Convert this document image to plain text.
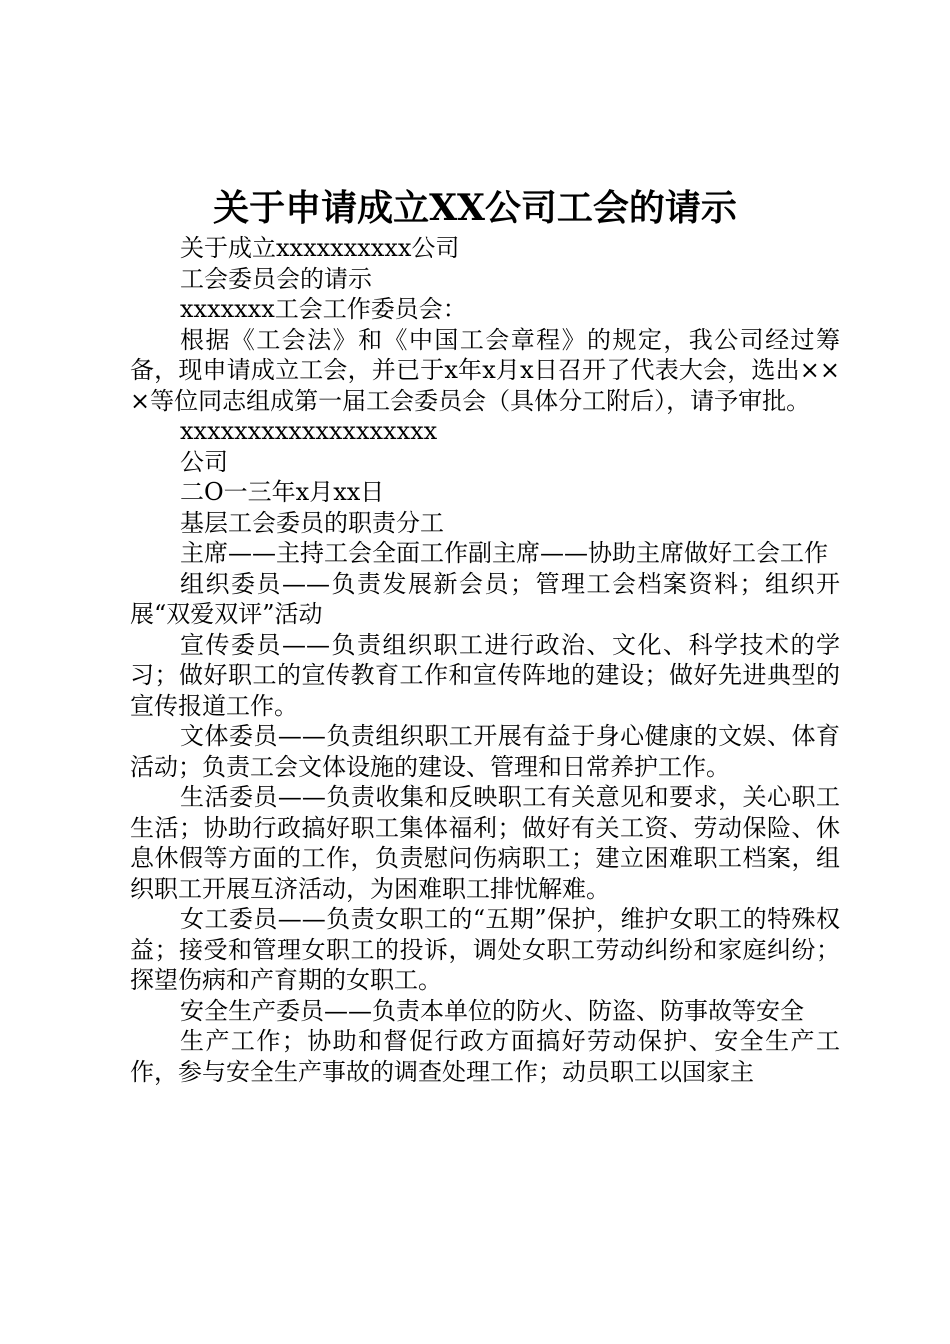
关于申请成立XX公司工会的请示

关于成立xxxxxxxxxx公司

工会委员会的请示

xxxxxxx工会工作委员会：

根据《工会法》和《中国工会章程》的规定，我公司经过筹备，现申请成立工会，并已于x年x月x日召开了代表大会，选出×××等位同志组成第一届工会委员会（具体分工附后），请予审批。

xxxxxxxxxxxxxxxxxxx

公司

二O一三年x月xx日

基层工会委员的职责分工

主席——主持工会全面工作副主席——协助主席做好工会工作

组织委员——负责发展新会员；管理工会档案资料；组织开展“双爱双评”活动

宣传委员——负责组织职工进行政治、文化、科学技术的学习；做好职工的宣传教育工作和宣传阵地的建设；做好先进典型的宣传报道工作。

文体委员——负责组织职工开展有益于身心健康的文娱、体育活动；负责工会文体设施的建设、管理和日常养护工作。

生活委员——负责收集和反映职工有关意见和要求，关心职工生活；协助行政搞好职工集体福利；做好有关工资、劳动保险、休息休假等方面的工作，负责慰问伤病职工；建立困难职工档案，组织职工开展互济活动，为困难职工排忧解难。

女工委员——负责女职工的“五期”保护，维护女职工的特殊权益；接受和管理女职工的投诉，调处女职工劳动纠纷和家庭纠纷；探望伤病和产育期的女职工。

安全生产委员——负责本单位的防火、防盗、防事故等安全

生产工作；协助和督促行政方面搞好劳动保护、安全生产工作，参与安全生产事故的调查处理工作；动员职工以国家主
